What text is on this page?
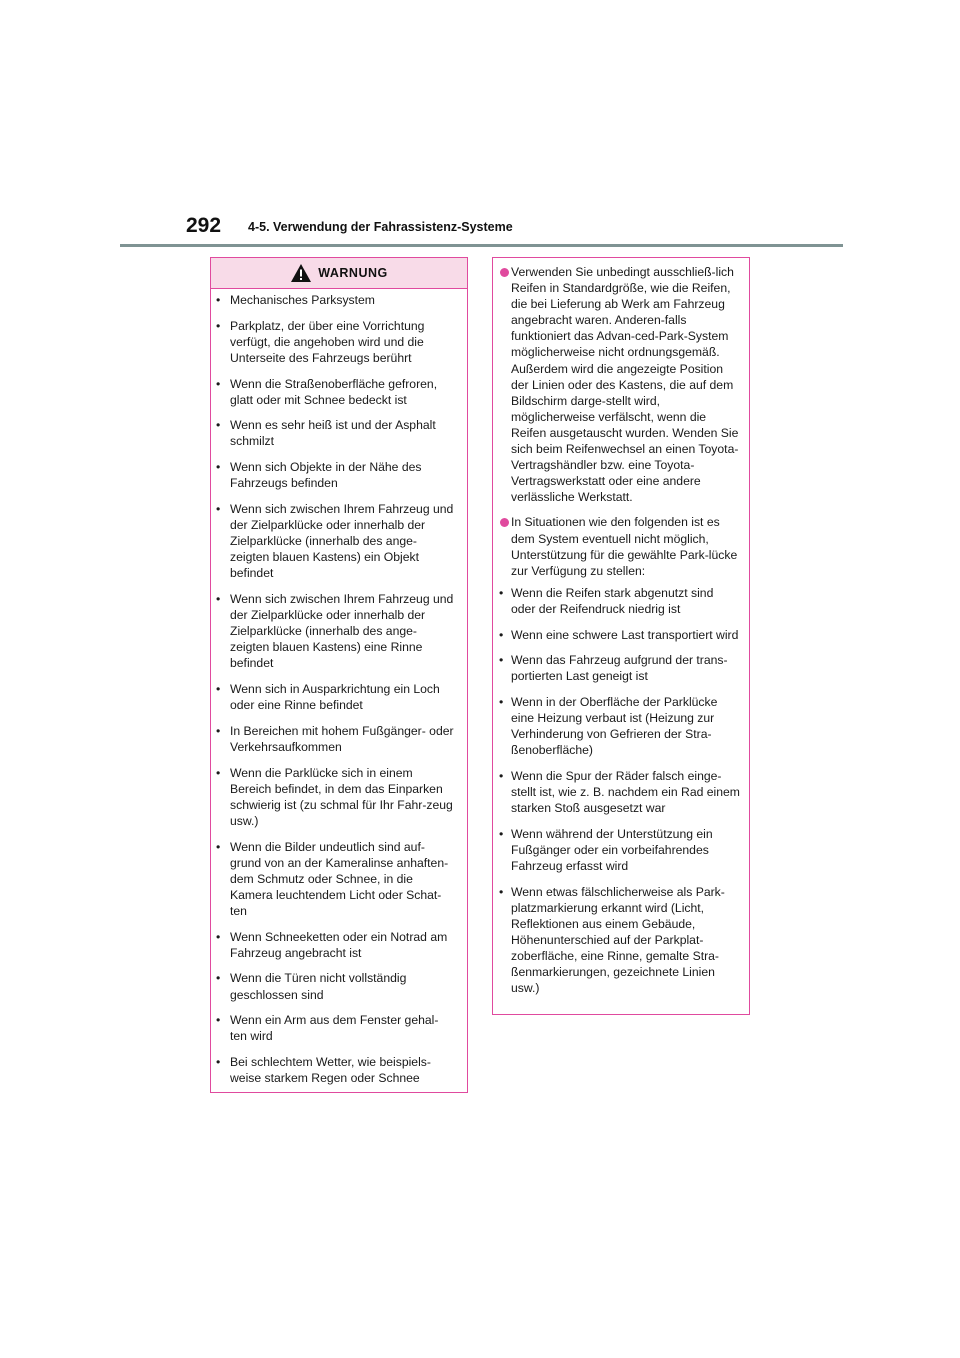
292 4-5. Verwendung der Fahrassistenz-Systeme
WARNUNG
• Mechanisches Parksystem
• Parkplatz, der über eine Vorrichtung verfügt, die angehoben wird und die Unterseite des Fahrzeugs berührt
• Wenn die Straßenoberfläche gefroren, glatt oder mit Schnee bedeckt ist
• Wenn es sehr heiß ist und der Asphalt schmilzt
• Wenn sich Objekte in der Nähe des Fahrzeugs befinden
• Wenn sich zwischen Ihrem Fahrzeug und der Zielparklücke oder innerhalb der Zielparklücke (innerhalb des ange-zeigten blauen Kastens) ein Objekt befindet
• Wenn sich zwischen Ihrem Fahrzeug und der Zielparklücke oder innerhalb der Zielparklücke (innerhalb des ange-zeigten blauen Kastens) eine Rinne befindet
• Wenn sich in Ausparkrichtung ein Loch oder eine Rinne befindet
• In Bereichen mit hohem Fußgänger- oder Verkehrsaufkommen
• Wenn die Parklücke sich in einem Bereich befindet, in dem das Einparken schwierig ist (zu schmal für Ihr Fahr-zeug usw.)
• Wenn die Bilder undeutlich sind auf-grund von an der Kameralinse anhaften-dem Schmutz oder Schnee, in die Kamera leuchtendem Licht oder Schat-ten
• Wenn Schneeketten oder ein Notrad am Fahrzeug angebracht ist
• Wenn die Türen nicht vollständig geschlossen sind
• Wenn ein Arm aus dem Fenster gehal-ten wird
• Bei schlechtem Wetter, wie beispiels-weise starkem Regen oder Schnee
Verwenden Sie unbedingt ausschließ-lich Reifen in Standardgröße, wie die Reifen, die bei Lieferung ab Werk am Fahrzeug angebracht waren. Anderen-falls funktioniert das Advan-ced-Park-System möglicherweise nicht ordnungsgemäß. Außerdem wird die angezeigte Position der Linien oder des Kastens, die auf dem Bildschirm darge-stellt wird, möglicherweise verfälscht, wenn die Reifen ausgetauscht wurden. Wenden Sie sich beim Reifenwechsel an einen Toyota-Vertragshändler bzw. eine Toyota-Vertragswerkstatt oder eine andere verlässliche Werkstatt.
In Situationen wie den folgenden ist es dem System eventuell nicht möglich, Unterstützung für die gewählte Park-lücke zur Verfügung zu stellen:
• Wenn die Reifen stark abgenutzt sind oder der Reifendruck niedrig ist
• Wenn eine schwere Last transportiert wird
• Wenn das Fahrzeug aufgrund der trans-portierten Last geneigt ist
• Wenn in der Oberfläche der Parklücke eine Heizung verbaut ist (Heizung zur Verhinderung von Gefrieren der Stra-ßenoberfläche)
• Wenn die Spur der Räder falsch einge-stellt ist, wie z. B. nachdem ein Rad einem starken Stoß ausgesetzt war
• Wenn während der Unterstützung ein Fußgänger oder ein vorbeifahrendes Fahrzeug erfasst wird
• Wenn etwas fälschlicherweise als Park-platzmarkierung erkannt wird (Licht, Reflektionen aus einem Gebäude, Höhenunterschied auf der Parkplat-zoberfläche, eine Rinne, gemalte Stra-ßenmarkierungen, gezeichnete Linien usw.)
